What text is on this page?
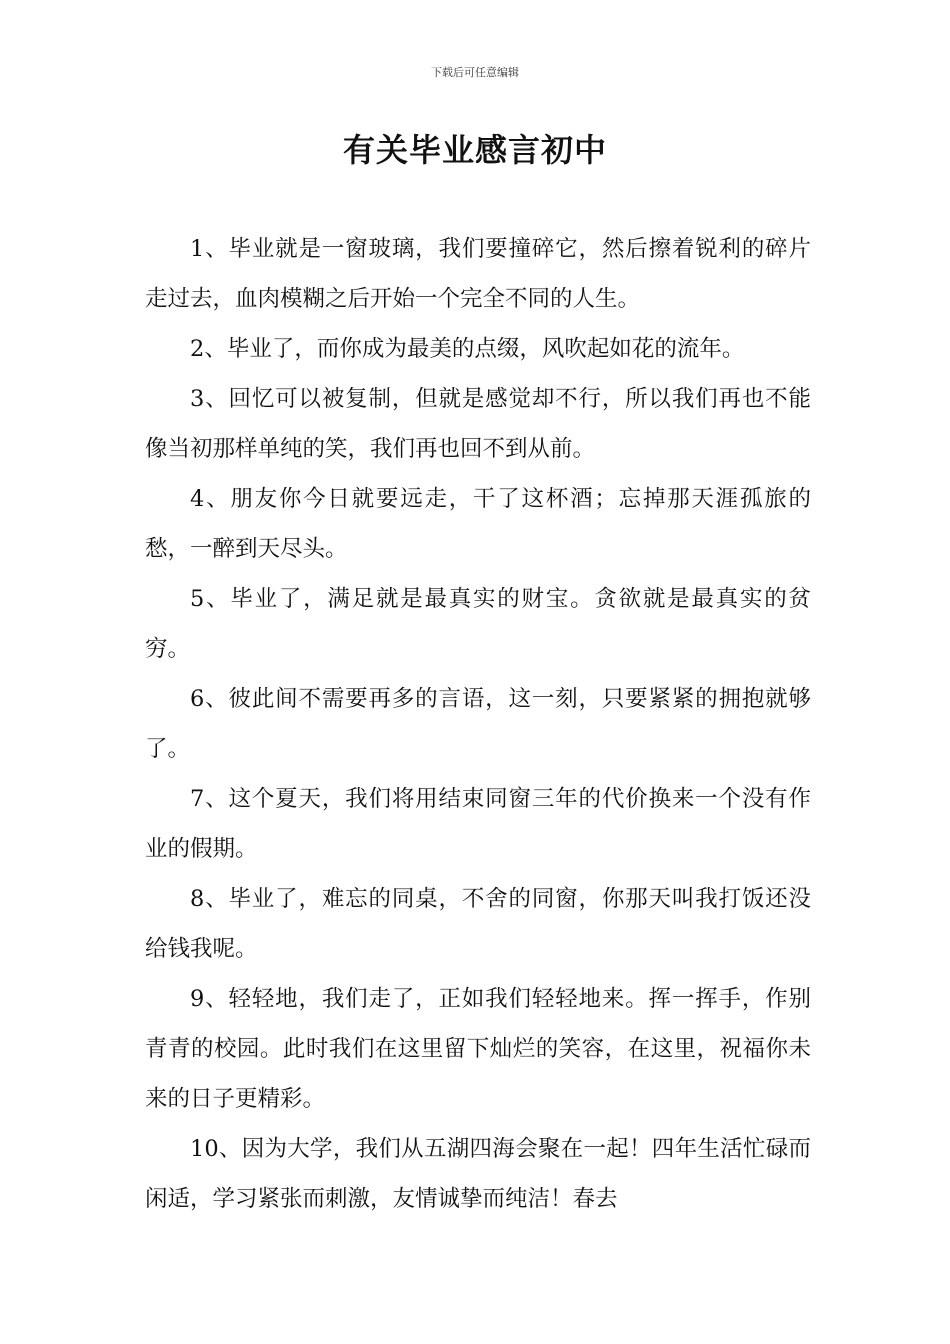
下载后可任意编辑
有关毕业感言初中

1、毕业就是一窗玻璃，我们要撞碎它，然后擦着锐利的碎片走过去，血肉模糊之后开始一个完全不同的人生。

2、毕业了，而你成为最美的点缀，风吹起如花的流年。

3、回忆可以被复制，但就是感觉却不行，所以我们再也不能像当初那样单纯的笑，我们再也回不到从前。

4、朋友你今日就要远走，干了这杯酒；忘掉那天涯孤旅的愁，一醉到天尽头。

5、毕业了，满足就是最真实的财宝。贪欲就是最真实的贫穷。

6、彼此间不需要再多的言语，这一刻，只要紧紧的拥抱就够了。

7、这个夏天，我们将用结束同窗三年的代价换来一个没有作业的假期。

8、毕业了，难忘的同桌，不舍的同窗，你那天叫我打饭还没给钱我呢。

9、轻轻地，我们走了，正如我们轻轻地来。挥一挥手，作别青青的校园。此时我们在这里留下灿烂的笑容，在这里，祝福你未来的日子更精彩。

10、因为大学，我们从五湖四海会聚在一起！四年生活忙碌而闲适，学习紧张而刺激，友情诚挚而纯洁！春去
